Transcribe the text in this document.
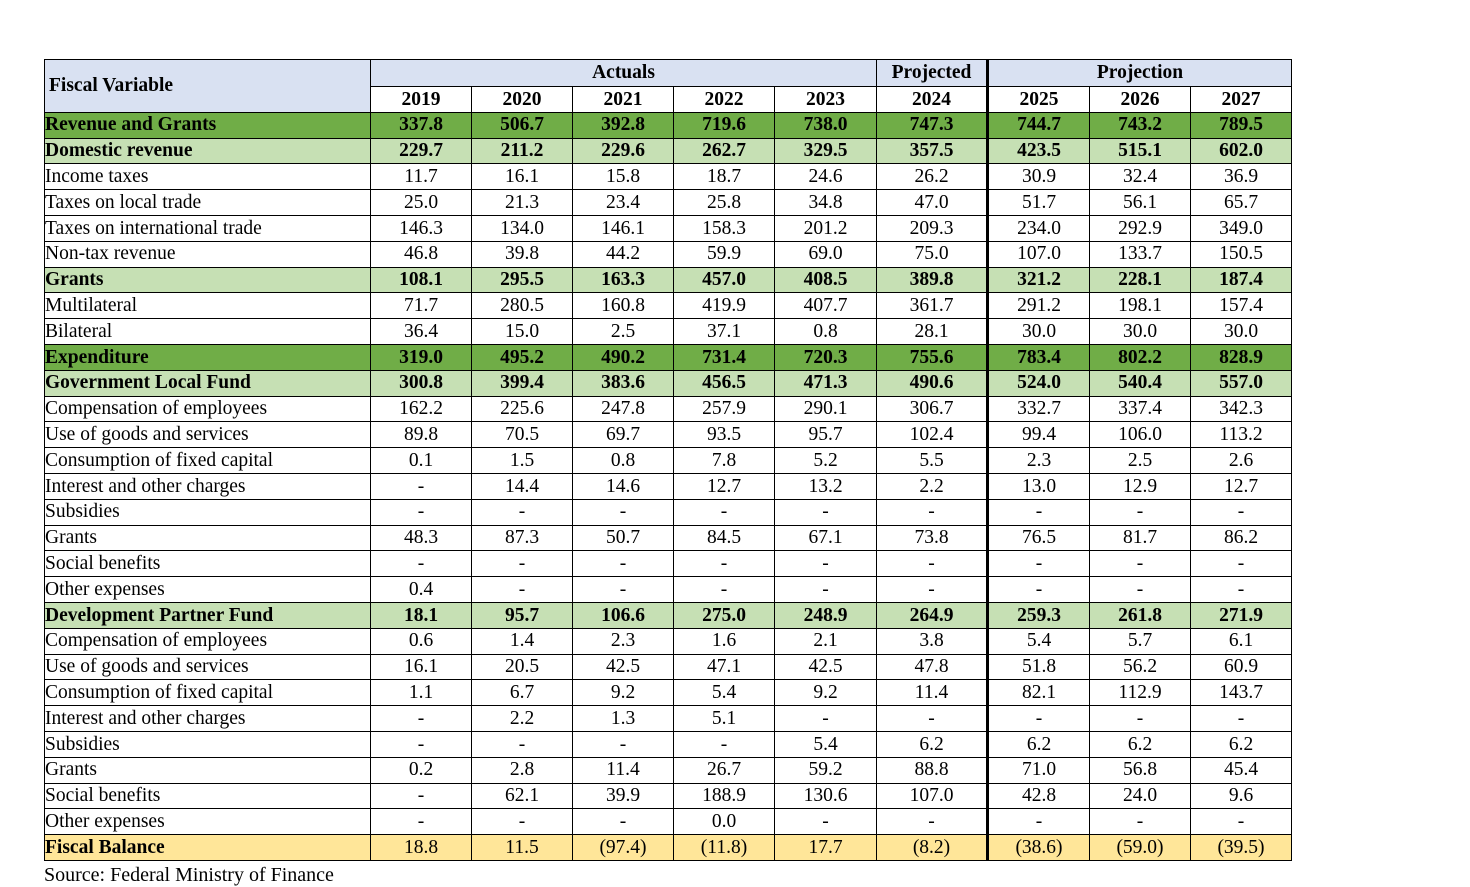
Fiscal Variable	Actuals					Projected	Projection		
	2019	2020	2021	2022	2023	2024	2025	2026	2027
Revenue and Grants	337.8	506.7	392.8	719.6	738.0	747.3	744.7	743.2	789.5
Domestic revenue	229.7	211.2	229.6	262.7	329.5	357.5	423.5	515.1	602.0
Income taxes	11.7	16.1	15.8	18.7	24.6	26.2	30.9	32.4	36.9
Taxes on local trade	25.0	21.3	23.4	25.8	34.8	47.0	51.7	56.1	65.7
Taxes on international trade	146.3	134.0	146.1	158.3	201.2	209.3	234.0	292.9	349.0
Non-tax revenue	46.8	39.8	44.2	59.9	69.0	75.0	107.0	133.7	150.5
Grants	108.1	295.5	163.3	457.0	408.5	389.8	321.2	228.1	187.4
Multilateral	71.7	280.5	160.8	419.9	407.7	361.7	291.2	198.1	157.4
Bilateral	36.4	15.0	2.5	37.1	0.8	28.1	30.0	30.0	30.0
Expenditure	319.0	495.2	490.2	731.4	720.3	755.6	783.4	802.2	828.9
Government Local Fund	300.8	399.4	383.6	456.5	471.3	490.6	524.0	540.4	557.0
Compensation of employees	162.2	225.6	247.8	257.9	290.1	306.7	332.7	337.4	342.3
Use of goods and services	89.8	70.5	69.7	93.5	95.7	102.4	99.4	106.0	113.2
Consumption of fixed capital	0.1	1.5	0.8	7.8	5.2	5.5	2.3	2.5	2.6
Interest and other charges	-	14.4	14.6	12.7	13.2	2.2	13.0	12.9	12.7
Subsidies	-	-	-	-	-	-	-	-	-
Grants	48.3	87.3	50.7	84.5	67.1	73.8	76.5	81.7	86.2
Social benefits	-	-	-	-	-	-	-	-	-
Other expenses	0.4	-	-	-	-	-	-	-	-
Development Partner Fund	18.1	95.7	106.6	275.0	248.9	264.9	259.3	261.8	271.9
Compensation of employees	0.6	1.4	2.3	1.6	2.1	3.8	5.4	5.7	6.1
Use of goods and services	16.1	20.5	42.5	47.1	42.5	47.8	51.8	56.2	60.9
Consumption of fixed capital	1.1	6.7	9.2	5.4	9.2	11.4	82.1	112.9	143.7
Interest and other charges	-	2.2	1.3	5.1	-	-	-	-	-
Subsidies	-	-	-	-	5.4	6.2	6.2	6.2	6.2
Grants	0.2	2.8	11.4	26.7	59.2	88.8	71.0	56.8	45.4
Social benefits	-	62.1	39.9	188.9	130.6	107.0	42.8	24.0	9.6
Other expenses	-	-	-	0.0	-	-	-	-	-
Fiscal Balance	18.8	11.5	(97.4)	(11.8)	17.7	(8.2)	(38.6)	(59.0)	(39.5)
Source: Federal Ministry of Finance
